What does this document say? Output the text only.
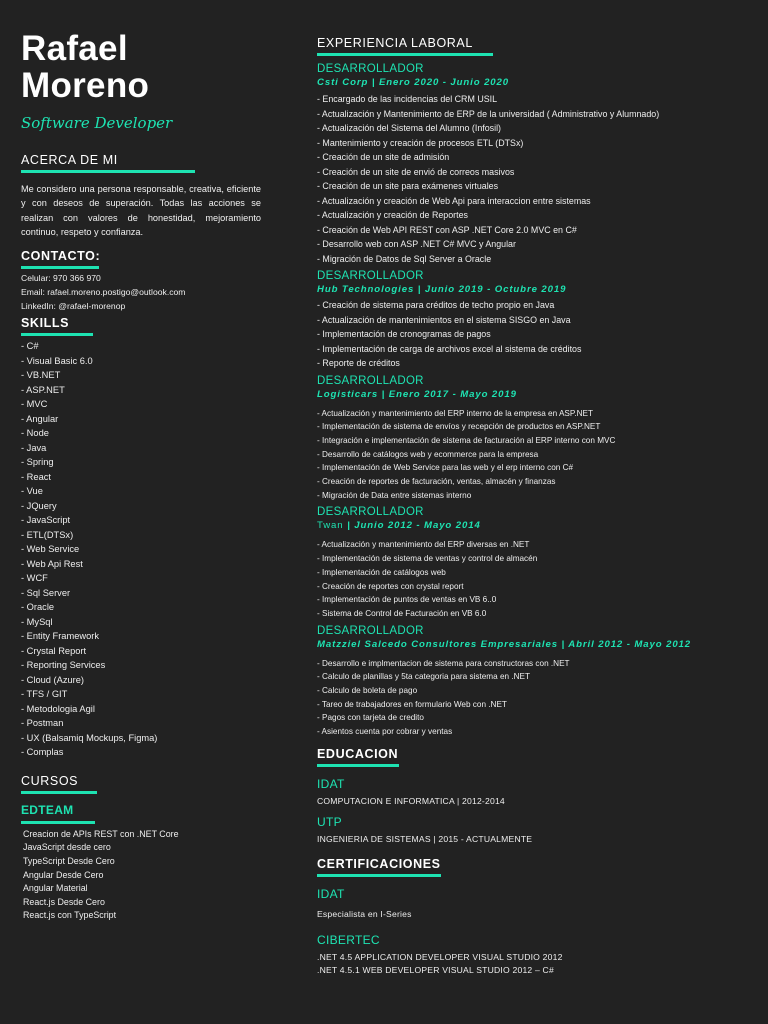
Rafael
Moreno
Software Developer
ACERCA DE MI
Me considero una persona responsable, creativa, eficiente y con deseos de superación. Todas las acciones se realizan con valores de honestidad, mejoramiento continuo, respeto y confianza.
CONTACTO:
Celular: 970 366 970
Email: rafael.moreno.postigo@outlook.com
LinkedIn: @rafael-morenop
SKILLS
- C#
- Visual Basic 6.0
- VB.NET
- ASP.NET
- MVC
- Angular
- Node
- Java
- Spring
- React
- Vue
- JQuery
- JavaScript
- ETL(DTSx)
- Web Service
- Web Api Rest
- WCF
- Sql Server
- Oracle
- MySql
- Entity Framework
- Crystal Report
- Reporting Services
- Cloud (Azure)
- TFS / GIT
- Metodologia Agil
- Postman
- UX (Balsamiq Mockups, Figma)
- Complas
CURSOS
EDTEAM
Creacion de APIs REST con .NET Core
JavaScript desde cero
TypeScript Desde Cero
Angular Desde Cero
Angular Material
React.js Desde Cero
React.js con TypeScript
EXPERIENCIA LABORAL
DESARROLLADOR
Csti Corp | Enero 2020 - Junio 2020
- Encargado de las incidencias del CRM USIL
- Actualización y Mantenimiento de ERP de la universidad ( Administrativo y Alumnado)
- Actualización del Sistema del Alumno (Infosil)
- Mantenimiento y creación de procesos ETL (DTSx)
- Creación de un site de admisión
- Creación de un site de envió de correos masivos
- Creación de un site para exámenes virtuales
- Actualización y creación de Web Api para interaccion entre sistemas
- Actualización y creación de Reportes
- Creación de Web API REST con ASP .NET Core 2.0 MVC en C#
- Desarrollo web con ASP .NET C# MVC y Angular
- Migración de Datos de Sql Server a Oracle
DESARROLLADOR
Hub Technologies | Junio 2019 - Octubre 2019
- Creación de sistema para créditos de techo propio en Java
- Actualización de mantenimientos en el sistema SISGO en Java
- Implementación de cronogramas de pagos
- Implementación de carga de archivos excel al sistema de créditos
- Reporte de créditos
DESARROLLADOR
Logisticars | Enero 2017 - Mayo 2019
- Actualización y mantenimiento del ERP interno de la empresa en ASP.NET
- Implementación de sistema de envíos y recepción de productos en ASP.NET
- Integración e implementación de sistema de facturación al ERP interno con MVC
- Desarrollo de catálogos web y ecommerce para la empresa
- Implementación de Web Service para las web y el erp interno con C#
- Creación de reportes de facturación, ventas, almacén y finanzas
- Migración de Data entre sistemas interno
DESARROLLADOR
Twan | Junio 2012 - Mayo 2014
- Actualización y mantenimiento del ERP diversas en .NET
- Implementación de sistema de ventas y control de almacén
- Implementación de catálogos web
- Creación de reportes con crystal report
- Implementación de puntos de ventas en VB 6..0
- Sistema de Control de Facturación en VB 6.0
DESARROLLADOR
Matzziel Salcedo Consultores Empresariales | Abril 2012 - Mayo 2012
- Desarrollo e implmentacion de sistema para constructoras con .NET
- Calculo de planillas y 5ta categoria para sistema en .NET
- Calculo de boleta de pago
- Tareo de trabajadores en formulario Web con .NET
- Pagos con tarjeta de credito
- Asientos cuenta por cobrar y ventas
EDUCACION
IDAT
COMPUTACION E INFORMATICA | 2012-2014
UTP
INGENIERIA DE SISTEMAS | 2015 - ACTUALMENTE
CERTIFICACIONES
IDAT
Especialista en I-Series
CIBERTEC
.NET 4.5 APPLICATION DEVELOPER VISUAL STUDIO 2012
.NET 4.5.1 WEB DEVELOPER VISUAL STUDIO 2012 – C#
